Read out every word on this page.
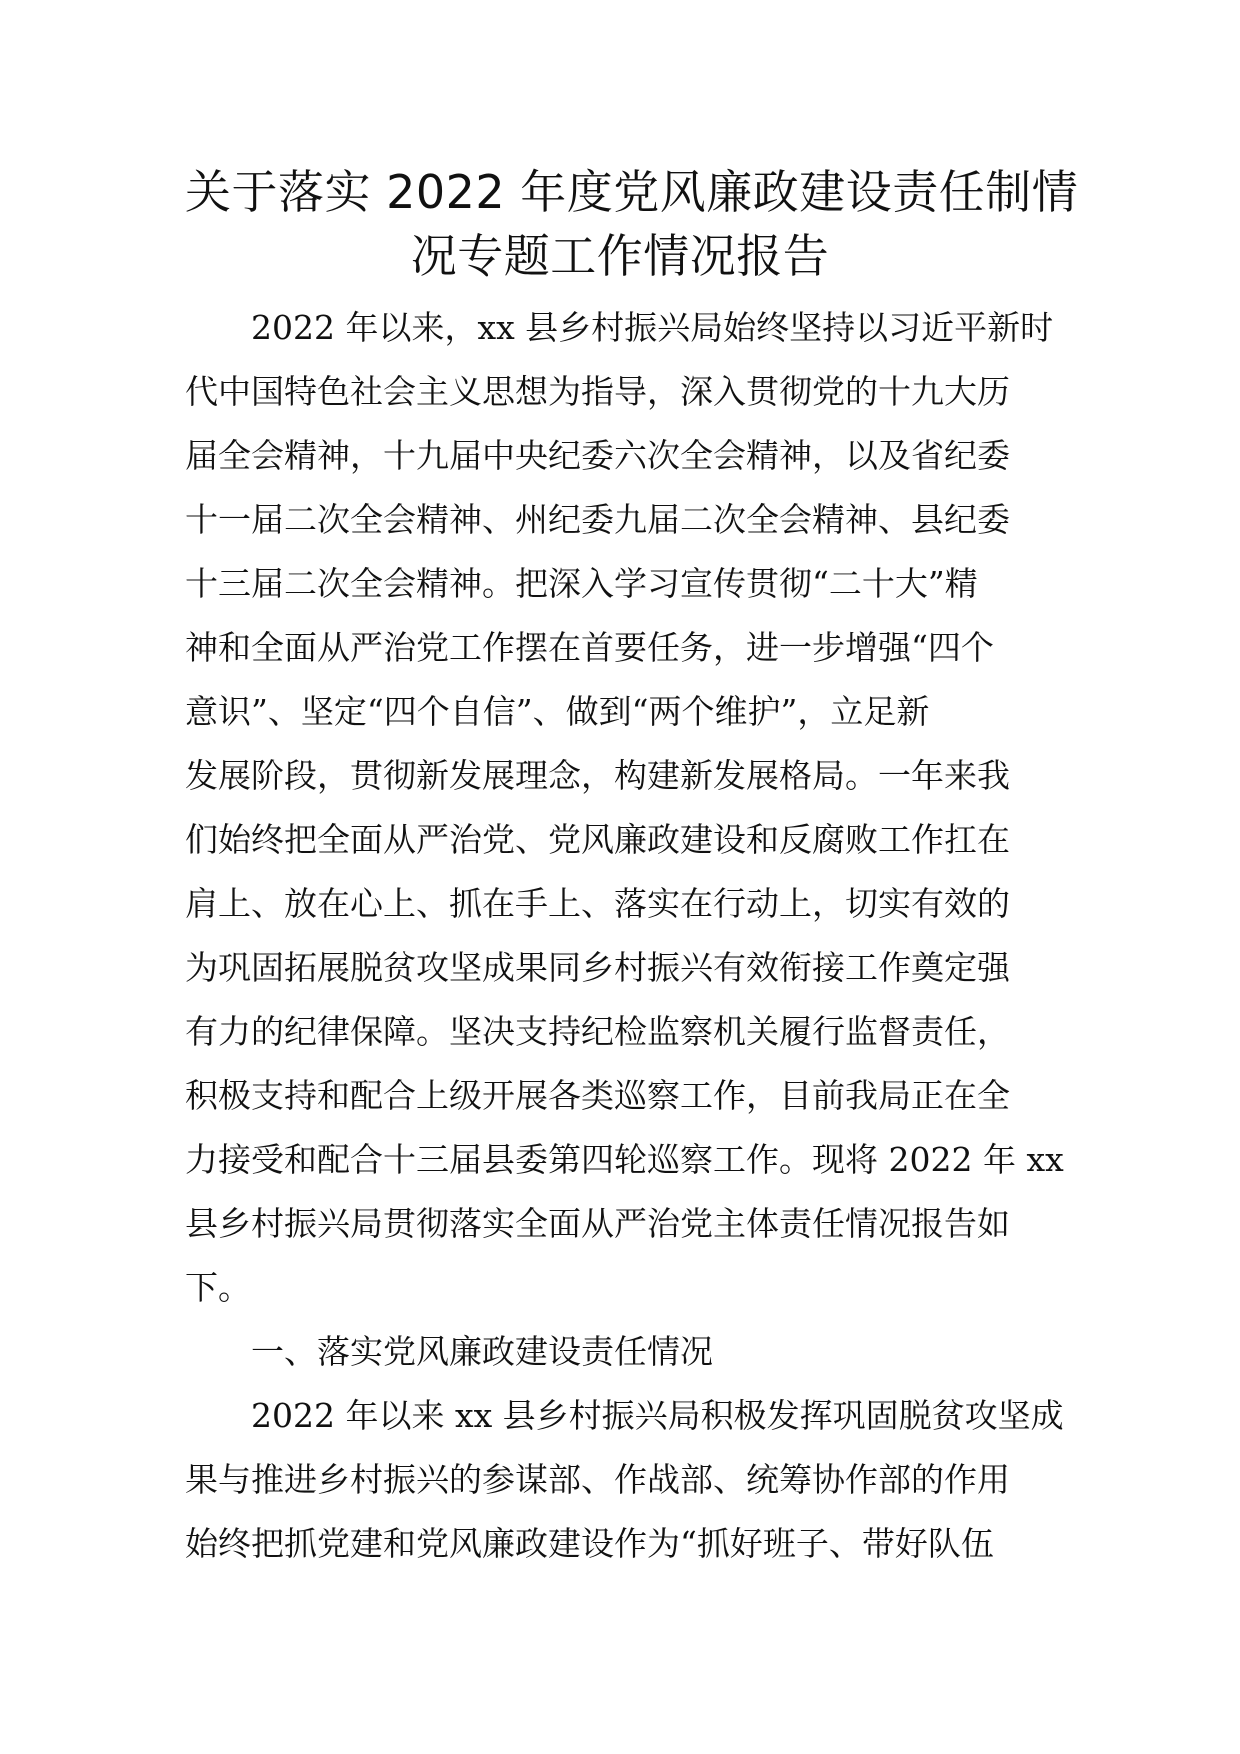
关于落实 2022 年度党风廉政建设责任制情
况专题工作情况报告
2022 年以来，xx 县乡村振兴局始终坚持以习近平新时
代中国特色社会主义思想为指导，深入贯彻党的十九大历
届全会精神，十九届中央纪委六次全会精神，以及省纪委
十一届二次全会精神、州纪委九届二次全会精神、县纪委
十三届二次全会精神。把深入学习宣传贯彻“二十大”精
神和全面从严治党工作摆在首要任务，进一步增强“四个
意识”、坚定“四个自信”、做到“两个维护”，立足新
发展阶段，贯彻新发展理念，构建新发展格局。一年来我
们始终把全面从严治党、党风廉政建设和反腐败工作扛在
肩上、放在心上、抓在手上、落实在行动上，切实有效的
为巩固拓展脱贫攻坚成果同乡村振兴有效衔接工作奠定强
有力的纪律保障。坚决支持纪检监察机关履行监督责任，
积极支持和配合上级开展各类巡察工作，目前我局正在全
力接受和配合十三届县委第四轮巡察工作。现将 2022 年 xx
县乡村振兴局贯彻落实全面从严治党主体责任情况报告如
下。
一、落实党风廉政建设责任情况
2022 年以来 xx 县乡村振兴局积极发挥巩固脱贫攻坚成
果与推进乡村振兴的参谋部、作战部、统筹协作部的作用
始终把抓党建和党风廉政建设作为“抓好班子、带好队伍
